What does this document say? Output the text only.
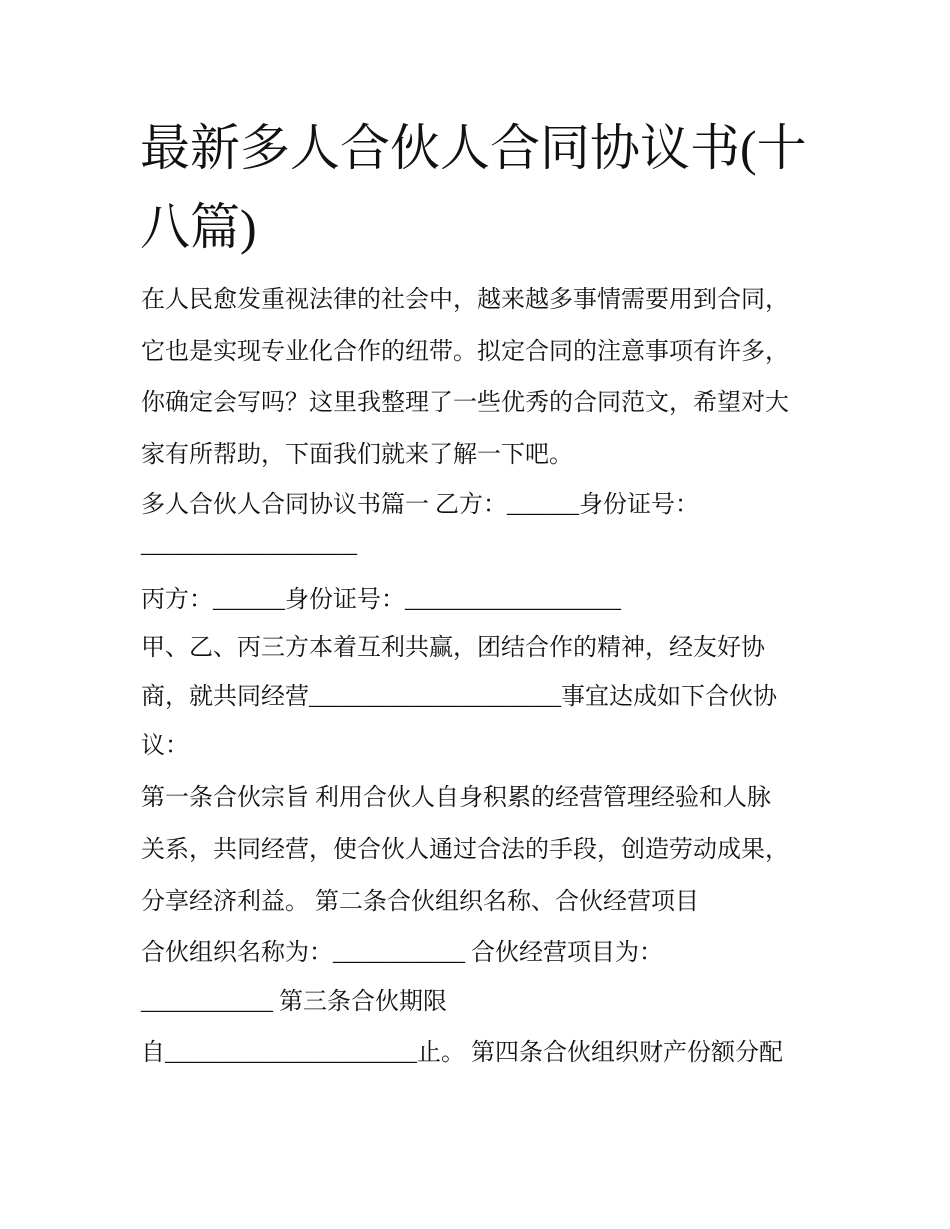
最新多人合伙人合同协议书(十
八篇)
在人民愈发重视法律的社会中，越来越多事情需要用到合同，
它也是实现专业化合作的纽带。拟定合同的注意事项有许多，
你确定会写吗？这里我整理了一些优秀的合同范文，希望对大
家有所帮助，下面我们就来了解一下吧。
多人合伙人合同协议书篇一 乙方：______身份证号：
__________________
丙方：______身份证号：__________________
甲、乙、丙三方本着互利共赢，团结合作的精神，经友好协
商，就共同经营_____________________事宜达成如下合伙协
议：
第一条合伙宗旨 利用合伙人自身积累的经营管理经验和人脉
关系，共同经营，使合伙人通过合法的手段，创造劳动成果，
分享经济利益。 第二条合伙组织名称、合伙经营项目
合伙组织名称为：___________ 合伙经营项目为：
___________ 第三条合伙期限
自_____________________止。 第四条合伙组织财产份额分配
